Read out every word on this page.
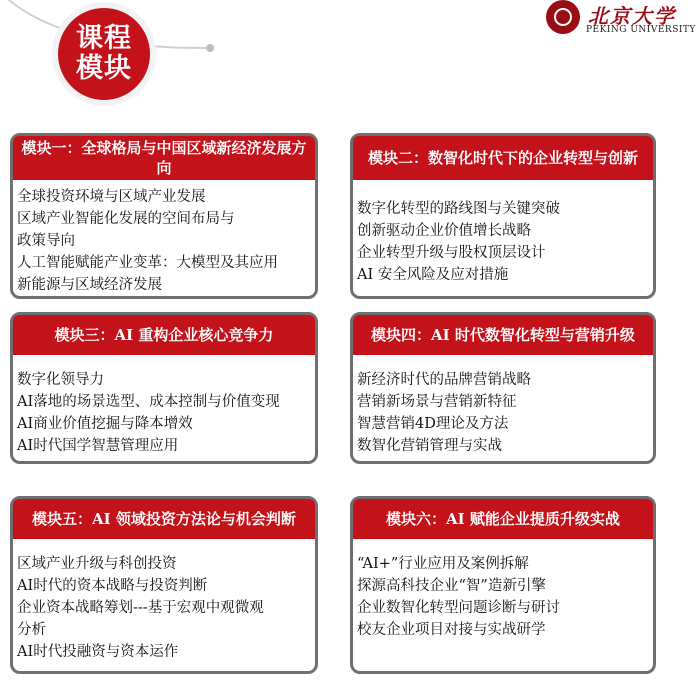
课程
模块
北京大学
PEKING UNIVERSITY
模块一：全球格局与中国区域新经济发展方向
全球投资环境与区域产业发展
区域产业智能化发展的空间布局与
政策导向
人工智能赋能产业变革：大模型及其应用
新能源与区域经济发展
模块二：数智化时代下的企业转型与创新
数字化转型的路线图与关键突破
创新驱动企业价值增长战略
企业转型升级与股权顶层设计
AI 安全风险及应对措施
模块三：AI 重构企业核心竞争力
数字化领导力
AI落地的场景选型、成本控制与价值变现
AI商业价值挖掘与降本增效
AI时代国学智慧管理应用
模块四：AI 时代数智化转型与营销升级
新经济时代的品牌营销战略
营销新场景与营销新特征
智慧营销4D理论及方法
数智化营销管理与实战
模块五：AI 领域投资方法论与机会判断
区域产业升级与科创投资
AI时代的资本战略与投资判断
企业资本战略筹划---基于宏观中观微观
分析
AI时代投融资与资本运作
模块六：AI 赋能企业提质升级实战
“AI+”行业应用及案例拆解
探源高科技企业“智”造新引擎
企业数智化转型问题诊断与研讨
校友企业项目对接与实战研学
